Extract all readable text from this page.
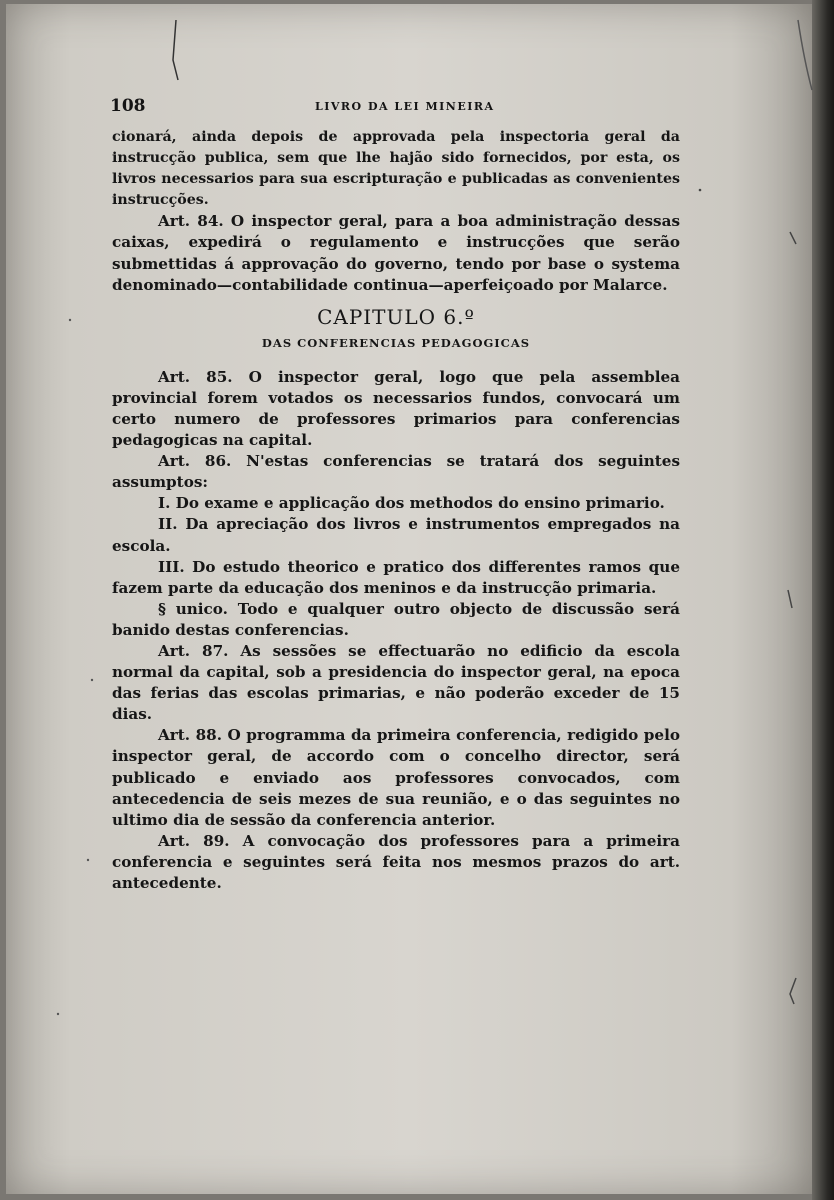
108	LIVRO DA LEI MINEIRA

cionará, ainda depois de approvada pela inspectoria geral da instrucção publica, sem que lhe hajão sido fornecidos, por esta, os livros necessarios para sua escripturação e publicadas as convenientes instrucções.

Art. 84. O inspector geral, para a boa administração dessas caixas, expedirá o regulamento e instrucções que serão submettidas á approvação do governo, tendo por base o systema denominado—contabilidade continua—aperfeiçoado por Malarce.

CAPITULO 6.º
DAS CONFERENCIAS PEDAGOGICAS

Art. 85. O inspector geral, logo que pela assemblea provincial forem votados os necessarios fundos, convocará um certo numero de professores primarios para conferencias pedagogicas na capital.

Art. 86. N'estas conferencias se tratará dos seguintes assumptos:

I. Do exame e applicação dos methodos do ensino primario.

II. Da apreciação dos livros e instrumentos empregados na escola.

III. Do estudo theorico e pratico dos differentes ramos que fazem parte da educação dos meninos e da instrucção primaria.

§ unico. Todo e qualquer outro objecto de discussão será banido destas conferencias.

Art. 87. As sessões se effectuarão no edificio da escola normal da capital, sob a presidencia do inspector geral, na epoca das ferias das escolas primarias, e não poderão exceder de 15 dias.

Art. 88. O programma da primeira conferencia, redigido pelo inspector geral, de accordo com o concelho director, será publicado e enviado aos professores convocados, com antecedencia de seis mezes de sua reunião, e o das seguintes no ultimo dia de sessão da conferencia anterior.

Art. 89. A convocação dos professores para a primeira conferencia e seguintes será feita nos mesmos prazos do art. antecedente.
